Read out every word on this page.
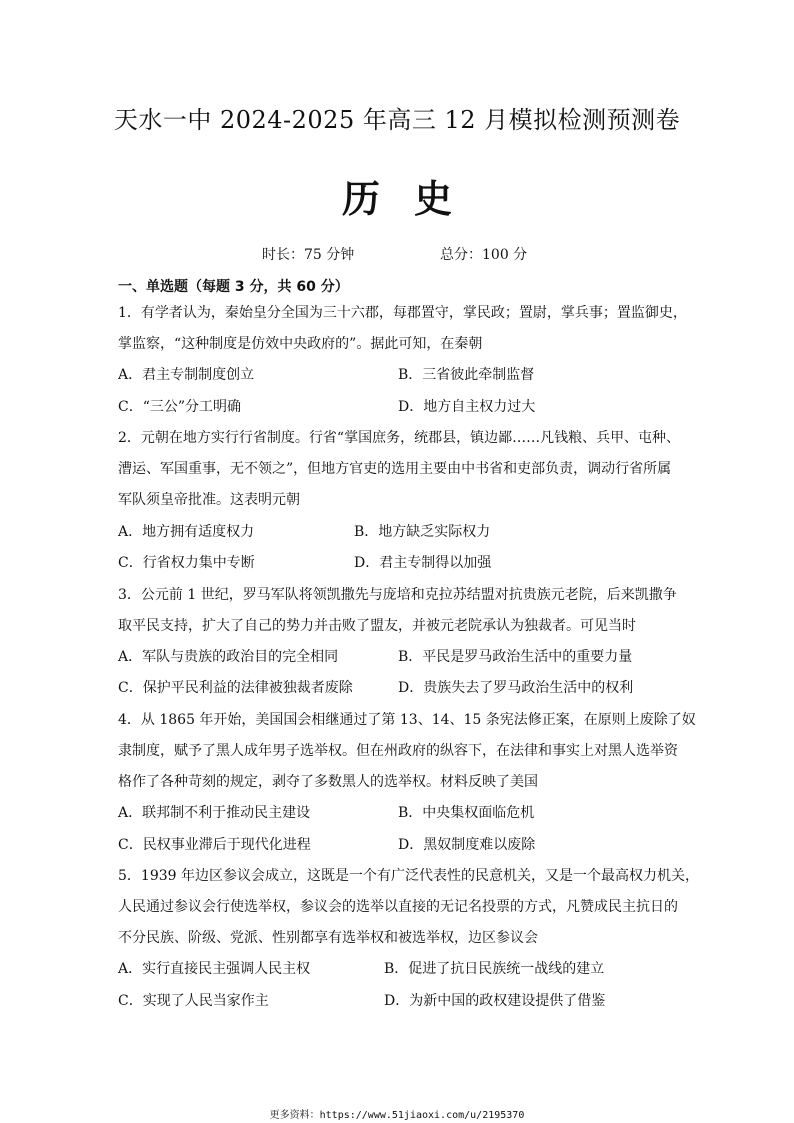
天水一中 2024-2025 年高三 12 月模拟检测预测卷
历史
时长：75 分钟	总分：100 分
一、单选题（每题 3 分，共 60 分）
1．有学者认为，秦始皇分全国为三十六郡，每郡置守，掌民政；置尉，掌兵事；置监御史，
掌监察，“这种制度是仿效中央政府的”。据此可知，在秦朝
A．君主专制制度创立	B．三省彼此牵制监督
C．“三公”分工明确	D．地方自主权力过大
2．元朝在地方实行行省制度。行省“掌国庶务，统郡县，镇边鄙……凡钱粮、兵甲、屯种、
漕运、军国重事，无不领之”，但地方官吏的选用主要由中书省和吏部负责，调动行省所属
军队须皇帝批准。这表明元朝
A．地方拥有适度权力	B．地方缺乏实际权力
C．行省权力集中专断	D．君主专制得以加强
3．公元前 1 世纪，罗马军队将领凯撒先与庞培和克拉苏结盟对抗贵族元老院，后来凯撒争
取平民支持，扩大了自己的势力并击败了盟友，并被元老院承认为独裁者。可见当时
A．军队与贵族的政治目的完全相同	B．平民是罗马政治生活中的重要力量
C．保护平民利益的法律被独裁者废除	D．贵族失去了罗马政治生活中的权利
4．从 1865 年开始，美国国会相继通过了第 13、14、15 条宪法修正案，在原则上废除了奴
隶制度，赋予了黑人成年男子选举权。但在州政府的纵容下，在法律和事实上对黑人选举资
格作了各种苛刻的规定，剥夺了多数黑人的选举权。材料反映了美国
A．联邦制不利于推动民主建设	B．中央集权面临危机
C．民权事业滞后于现代化进程	D．黑奴制度难以废除
5．1939 年边区参议会成立，这既是一个有广泛代表性的民意机关，又是一个最高权力机关，
人民通过参议会行使选举权，参议会的选举以直接的无记名投票的方式，凡赞成民主抗日的
不分民族、阶级、党派、性别都享有选举权和被选举权，边区参议会
A．实行直接民主强调人民主权	B．促进了抗日民族统一战线的建立
C．实现了人民当家作主	D．为新中国的政权建设提供了借鉴
更多资料：https://www.51jiaoxi.com/u/2195370
